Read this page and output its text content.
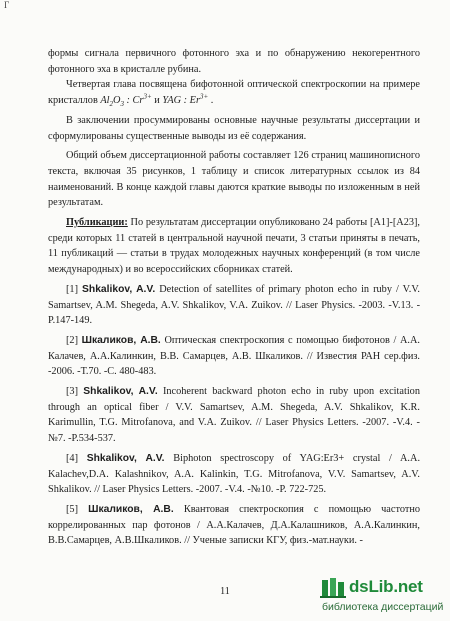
Г

формы сигнала первичного фотонного эха и по обнаружению некогерентного фотонного эха в кристалле рубина.

Четвертая глава посвящена бифотонной оптической спектроскопии на примере кристаллов $Al_2O_3$ : $Cr^{3+}$ и YAG : $Er^{3+}$ .

В заключении просуммированы основные научные результаты диссертации и сформулированы существенные выводы из её содержания.

Общий объем диссертационной работы составляет 126 страниц машинописного текста, включая 35 рисунков, 1 таблицу и список литературных ссылок из 84 наименований. В конце каждой главы даются краткие выводы по изложенным в ней результатам.

Публикации: По результатам диссертации опубликовано 24 работы [A1]-[A23], среди которых 11 статей в центральной научной печати, 3 статьи приняты в печать, 11 публикаций — статьи в трудах молодежных научных конференций (в том числе международных) и во всероссийских сборниках статей.

[1] Shkalikov, A.V. Detection of satellites of primary photon echo in ruby / V.V. Samartsev, A.M. Shegeda, A.V. Shkalikov, V.A. Zuikov. // Laser Physics. -2003. -V.13. -P.147-149.

[2] Шкаликов, А.В. Оптическая спектроскопия с помощью бифотонов / А.А. Калачев, А.А.Калинкин, В.В. Самарцев, А.В. Шкаликов. // Известия РАН сер.физ. -2006. -Т.70. -С. 480-483.

[3] Shkalikov, A.V. Incoherent backward photon echo in ruby upon excitation through an optical fiber / V.V. Samartsev, A.M. Shegeda, A.V. Shkalikov, K.R. Karimullin, T.G. Mitrofanova, and V.A. Zuikov. // Laser Physics Letters. -2007. -V.4. -№7. -P.534-537.

[4] Shkalikov, A.V. Biphoton spectroscopy of YAG:Er3+ crystal / A.A. Kalachev,D.A. Kalashnikov, A.A. Kalinkin, T.G. Mitrofanova, V.V. Samartsev, A.V. Shkalikov. // Laser Physics Letters. -2007. -V.4. -№10. -P. 722-725.

[5] Шкаликов, А.В. Квантовая спектроскопия с помощью частотно коррелированных пар фотонов / А.А.Калачев, Д.А.Калашников, А.А.Калинкин, В.В.Самарцев, А.В.Шкаликов. // Ученые записки КГУ, физ.-мат.науки. -

11	dsLib.net
библиотека диссертаций
